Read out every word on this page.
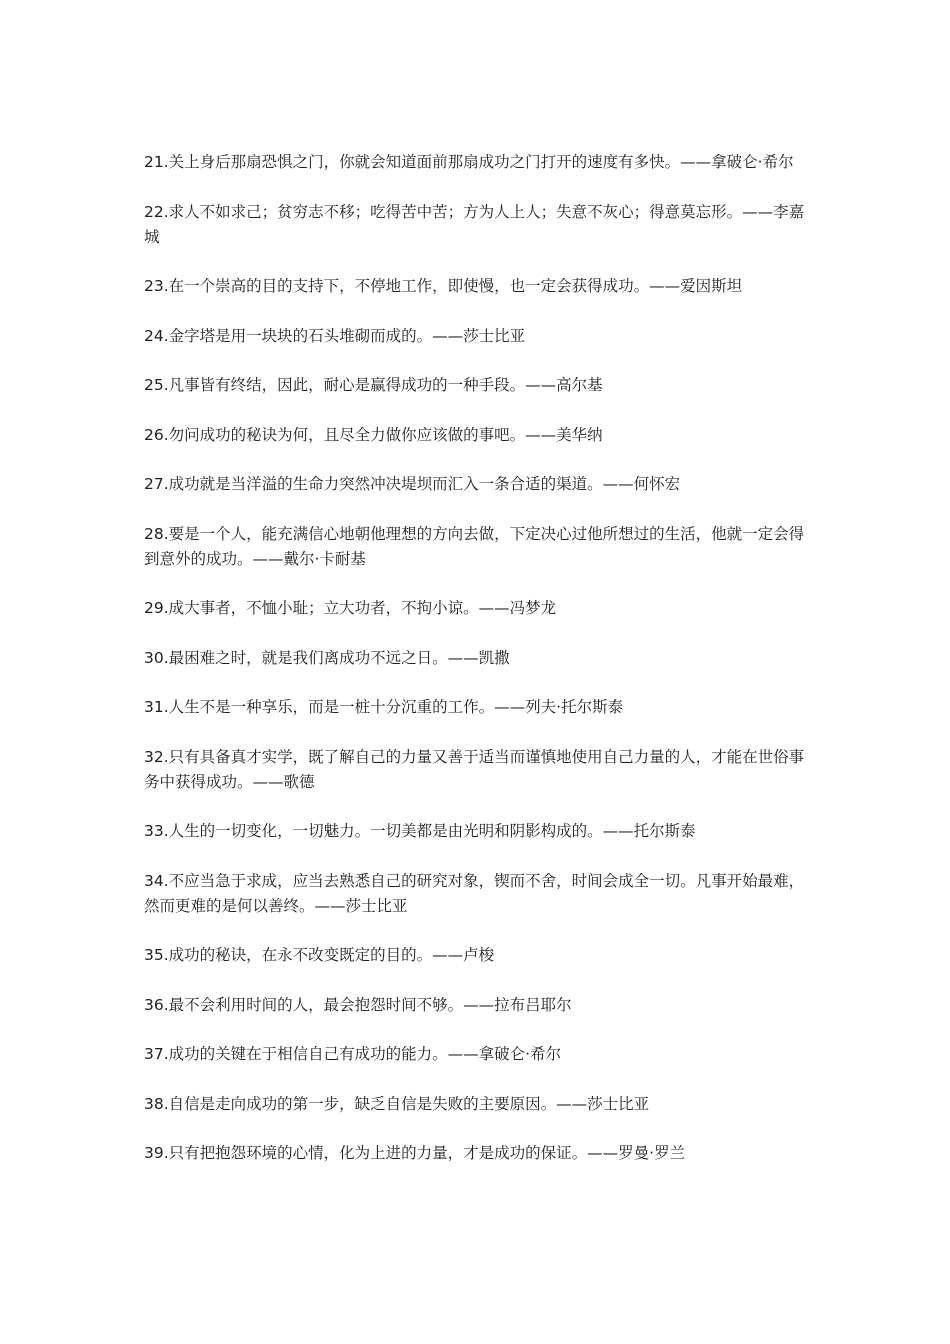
21.关上身后那扇恐惧之门，你就会知道面前那扇成功之门打开的速度有多快。——拿破仑·希尔

22.求人不如求己；贫穷志不移；吃得苦中苦；方为人上人；失意不灰心；得意莫忘形。——李嘉城

23.在一个崇高的目的支持下，不停地工作，即使慢，也一定会获得成功。——爱因斯坦

24.金字塔是用一块块的石头堆砌而成的。——莎士比亚

25.凡事皆有终结，因此，耐心是赢得成功的一种手段。——高尔基

26.勿问成功的秘诀为何，且尽全力做你应该做的事吧。——美华纳

27.成功就是当洋溢的生命力突然冲决堤坝而汇入一条合适的渠道。——何怀宏

28.要是一个人，能充满信心地朝他理想的方向去做，下定决心过他所想过的生活，他就一定会得到意外的成功。——戴尔·卡耐基

29.成大事者，不恤小耻；立大功者，不拘小谅。——冯梦龙

30.最困难之时，就是我们离成功不远之日。——凯撒

31.人生不是一种享乐，而是一桩十分沉重的工作。——列夫·托尔斯泰

32.只有具备真才实学，既了解自己的力量又善于适当而谨慎地使用自己力量的人，才能在世俗事务中获得成功。——歌德

33.人生的一切变化，一切魅力。一切美都是由光明和阴影构成的。——托尔斯泰

34.不应当急于求成，应当去熟悉自己的研究对象，锲而不舍，时间会成全一切。凡事开始最难，然而更难的是何以善终。——莎士比亚

35.成功的秘诀，在永不改变既定的目的。——卢梭

36.最不会利用时间的人，最会抱怨时间不够。——拉布吕耶尔

37.成功的关键在于相信自己有成功的能力。——拿破仑·希尔

38.自信是走向成功的第一步，缺乏自信是失败的主要原因。——莎士比亚

39.只有把抱怨环境的心情，化为上进的力量，才是成功的保证。——罗曼·罗兰
